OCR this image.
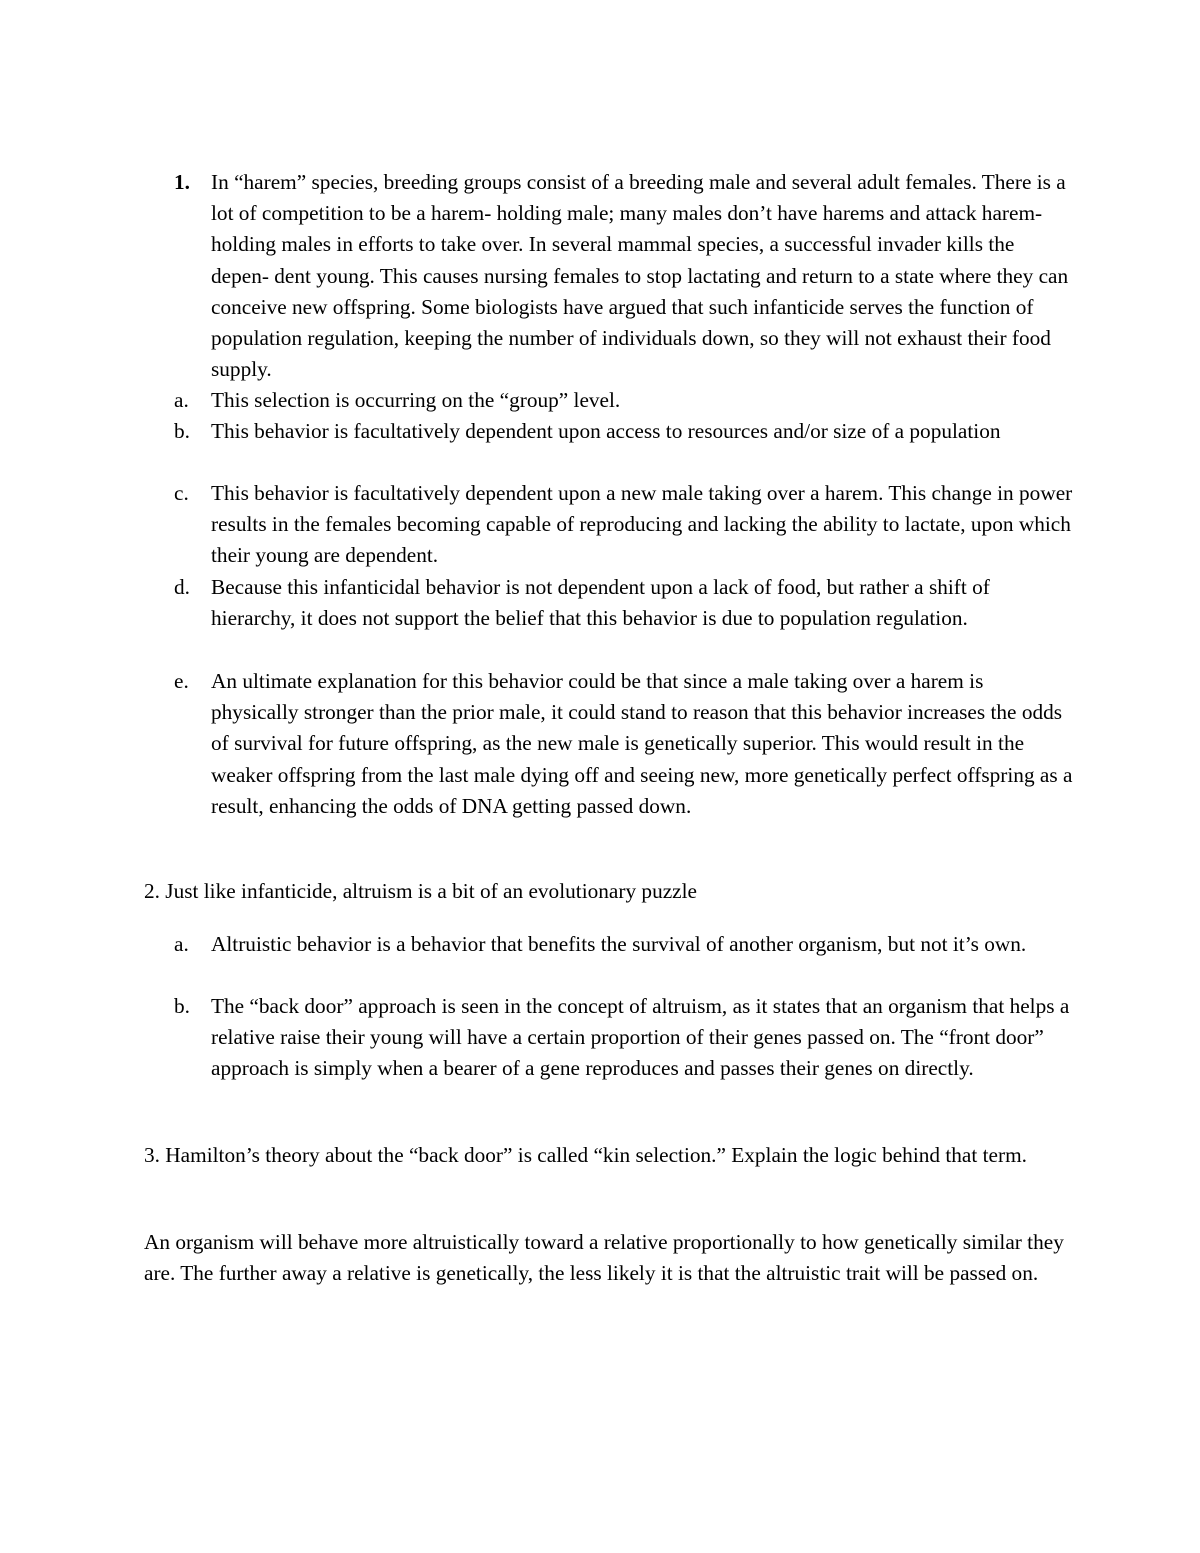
1. In “harem” species, breeding groups consist of a breeding male and several adult females. There is a lot of competition to be a harem- holding male; many males don’t have harems and attack harem-holding males in efforts to take over. In several mammal species, a successful invader kills the depen- dent young. This causes nursing females to stop lactating and return to a state where they can conceive new offspring. Some biologists have argued that such infanticide serves the function of population regulation, keeping the number of individuals down, so they will not exhaust their food supply.
a. This selection is occurring on the “group” level.
b. This behavior is facultatively dependent upon access to resources and/or size of a population
c. This behavior is facultatively dependent upon a new male taking over a harem. This change in power results in the females becoming capable of reproducing and lacking the ability to lactate, upon which their young are dependent.
d. Because this infanticidal behavior is not dependent upon a lack of food, but rather a shift of hierarchy, it does not support the belief that this behavior is due to population regulation.
e. An ultimate explanation for this behavior could be that since a male taking over a harem is physically stronger than the prior male, it could stand to reason that this behavior increases the odds of survival for future offspring, as the new male is genetically superior. This would result in the weaker offspring from the last male dying off and seeing new, more genetically perfect offspring as a result, enhancing the odds of DNA getting passed down.
2. Just like infanticide, altruism is a bit of an evolutionary puzzle
a. Altruistic behavior is a behavior that benefits the survival of another organism, but not it’s own.
b. The “back door” approach is seen in the concept of altruism, as it states that an organism that helps a relative raise their young will have a certain proportion of their genes passed on. The “front door” approach is simply when a bearer of a gene reproduces and passes their genes on directly.
3. Hamilton’s theory about the “back door” is called “kin selection.” Explain the logic behind that term.
An organism will behave more altruistically toward a relative proportionally to how genetically similar they are. The further away a relative is genetically, the less likely it is that the altruistic trait will be passed on.
